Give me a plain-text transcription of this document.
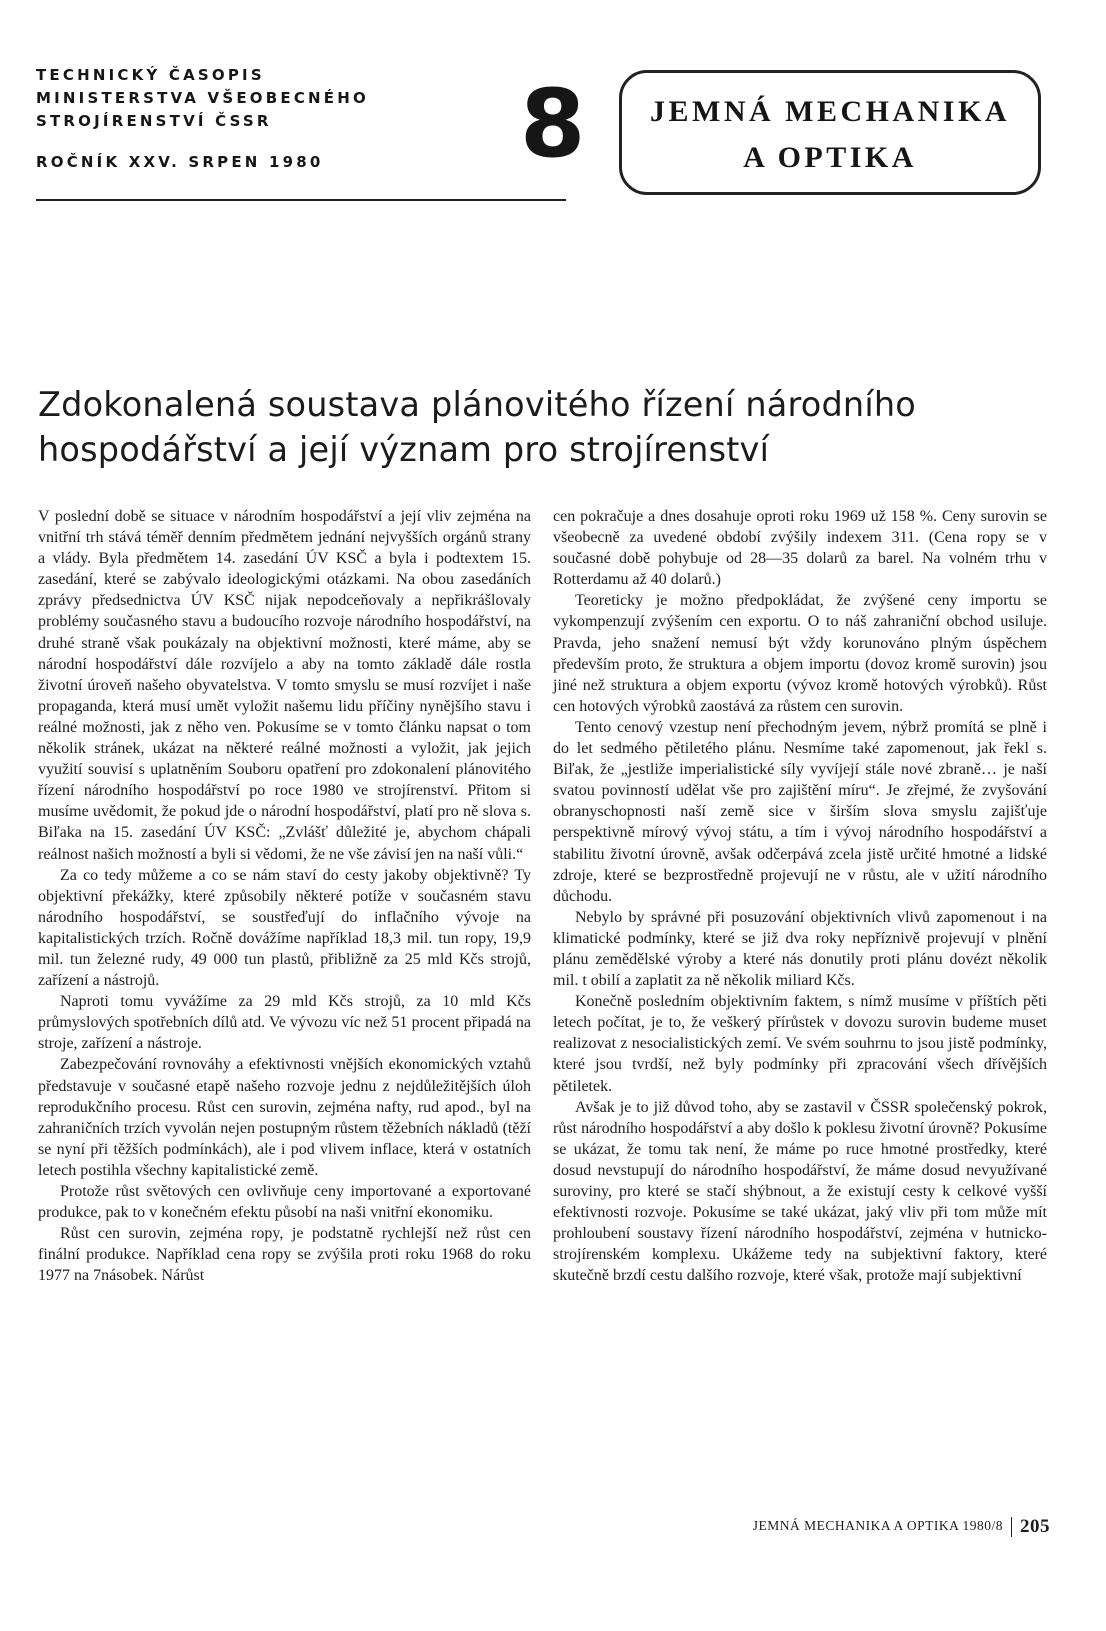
TECHNICKÝ ČASOPIS
MINISTERSTVA VŠEOBECNÉHO
STROJÍRENSTVÍ ČSSR
ROČNÍK XXV. SRPEN 1980	8	JEMNÁ MECHANIKA
A OPTIKA
Zdokonalená soustava plánovitého řízení národního hospodářství a její význam pro strojírenství

V poslední době se situace v národním hospodářství a její vliv zejména na vnitřní trh stává téměř denním předmětem jednání nejvyšších orgánů strany a vlády. Byla předmětem 14. zasedání ÚV KSČ a byla i podtextem 15. zasedání, které se zabývalo ideologickými otázkami. Na obou zasedáních zprávy předsednictva ÚV KSČ nijak nepodceňovaly a nepřikrášlovaly problémy současného stavu a budoucího rozvoje národního hospodářství, na druhé straně však poukázaly na objektivní možnosti, které máme, aby se národní hospodářství dále rozvíjelo a aby na tomto základě dále rostla životní úroveň našeho obyvatelstva. V tomto smyslu se musí rozvíjet i naše propaganda, která musí umět vyložit našemu lidu příčiny nynějšího stavu i reálné možnosti, jak z něho ven. Pokusíme se v tomto článku napsat o tom několik stránek, ukázat na některé reálné možnosti a vyložit, jak jejich využití souvisí s uplatněním Souboru opatření pro zdokonalení plánovitého řízení národního hospodářství po roce 1980 ve strojírenství. Přitom si musíme uvědomit, že pokud jde o národní hospodářství, platí pro ně slova s. Biľaka na 15. zasedání ÚV KSČ: „Zvlášť důležité je, abychom chápali reálnost našich možností a byli si vědomi, že ne vše závisí jen na naší vůli.“

Za co tedy můžeme a co se nám staví do cesty jakoby objektivně? Ty objektivní překážky, které způsobily některé potíže v současném stavu národního hospodářství, se soustřeďují do inflačního vývoje na kapitalistických trzích. Ročně dovážíme například 18,3 mil. tun ropy, 19,9 mil. tun železné rudy, 49 000 tun plastů, přibližně za 25 mld Kčs strojů, zařízení a nástrojů.

Naproti tomu vyvážíme za 29 mld Kčs strojů, za 10 mld Kčs průmyslových spotřebních dílů atd. Ve vývozu víc než 51 procent připadá na stroje, zařízení a nástroje.

Zabezpečování rovnováhy a efektivnosti vnějších ekonomických vztahů představuje v současné etapě našeho rozvoje jednu z nejdůležitějších úloh reprodukčního procesu. Růst cen surovin, zejména nafty, rud apod., byl na zahraničních trzích vyvolán nejen postupným růstem těžebních nákladů (těží se nyní při těžších podmínkách), ale i pod vlivem inflace, která v ostatních letech postihla všechny kapitalistické země.

Protože růst světových cen ovlivňuje ceny importované a exportované produkce, pak to v konečném efektu působí na naši vnitřní ekonomiku.

Růst cen surovin, zejména ropy, je podstatně rychlejší než růst cen finální produkce. Například cena ropy se zvýšila proti roku 1968 do roku 1977 na 7násobek. Nárůst

cen pokračuje a dnes dosahuje oproti roku 1969 už 158 %. Ceny surovin se všeobecně za uvedené období zvýšily indexem 311. (Cena ropy se v současné době pohybuje od 28—35 dolarů za barel. Na volném trhu v Rotterdamu až 40 dolarů.)

Teoreticky je možno předpokládat, že zvýšené ceny importu se vykompenzují zvýšením cen exportu. O to náš zahraniční obchod usiluje. Pravda, jeho snažení nemusí být vždy korunováno plným úspěchem především proto, že struktura a objem importu (dovoz kromě surovin) jsou jiné než struktura a objem exportu (vývoz kromě hotových výrobků). Růst cen hotových výrobků zaostává za růstem cen surovin.

Tento cenový vzestup není přechodným jevem, nýbrž promítá se plně i do let sedmého pětiletého plánu. Nesmíme také zapomenout, jak řekl s. Biľak, že „jestliže imperialistické síly vyvíjejí stále nové zbraně… je naší svatou povinností udělat vše pro zajištění míru“. Je zřejmé, že zvyšování obranyschopnosti naší země sice v širším slova smyslu zajišťuje perspektivně mírový vývoj státu, a tím i vývoj národního hospodářství a stabilitu životní úrovně, avšak odčerpává zcela jistě určité hmotné a lidské zdroje, které se bezprostředně projevují ne v růstu, ale v užití národního důchodu.

Nebylo by správné při posuzování objektivních vlivů zapomenout i na klimatické podmínky, které se již dva roky nepříznivě projevují v plnění plánu zemědělské výroby a které nás donutily proti plánu dovézt několik mil. t obilí a zaplatit za ně několik miliard Kčs.

Konečně posledním objektivním faktem, s nímž musíme v příštích pěti letech počítat, je to, že veškerý přírůstek v dovozu surovin budeme muset realizovat z nesocialistických zemí. Ve svém souhrnu to jsou jistě podmínky, které jsou tvrdší, než byly podmínky při zpracování všech dřívějších pětiletek.

Avšak je to již důvod toho, aby se zastavil v ČSSR společenský pokrok, růst národního hospodářství a aby došlo k poklesu životní úrovně? Pokusíme se ukázat, že tomu tak není, že máme po ruce hmotné prostředky, které dosud nevstupují do národního hospodářství, že máme dosud nevyužívané suroviny, pro které se stačí shýbnout, a že existují cesty k celkové vyšší efektivnosti rozvoje. Pokusíme se také ukázat, jaký vliv při tom může mít prohloubení soustavy řízení národního hospodářství, zejména v hutnicko-strojírenském komplexu. Ukážeme tedy na subjektivní faktory, které skutečně brzdí cestu dalšího rozvoje, které však, protože mají subjektivní

JEMNÁ MECHANIKA A OPTIKA 1980/8 205
